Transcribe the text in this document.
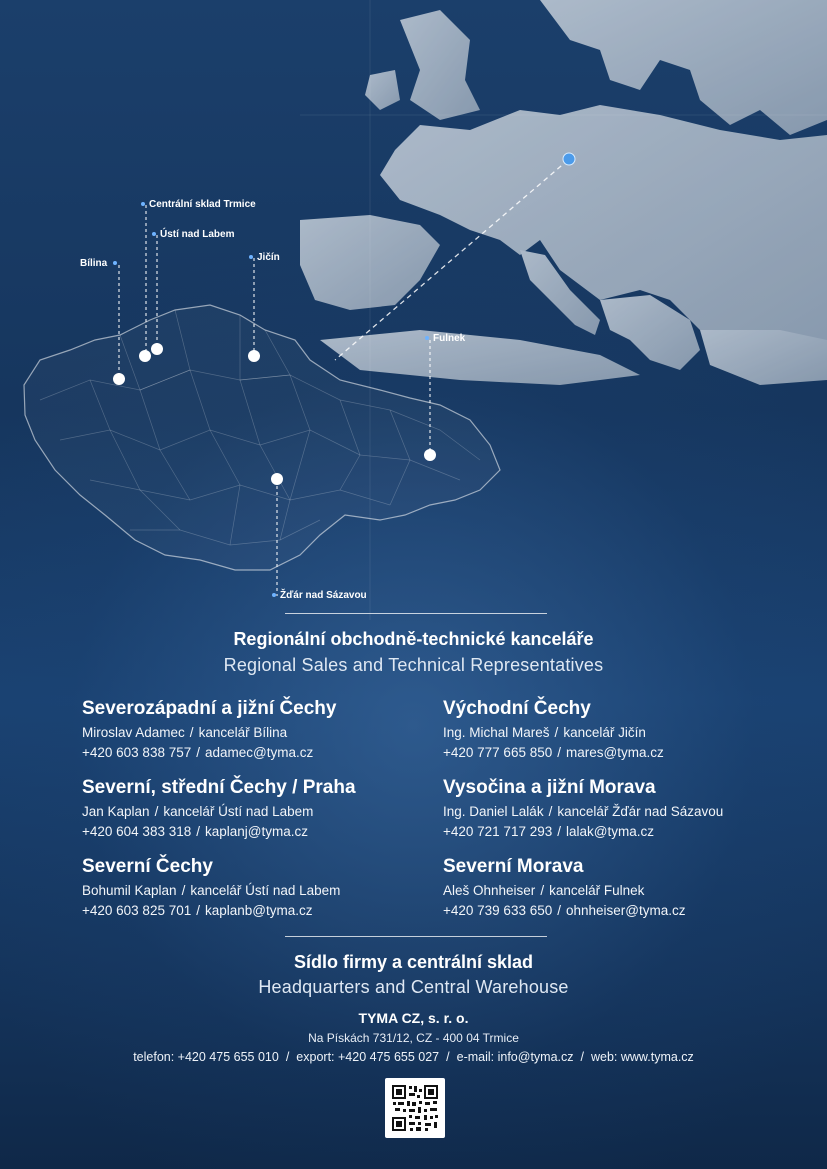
Centrální sklad Trmice
Ústí nad Labem
Bílina
Jičín
Fulnek
Žďár nad Sázavou
Regionální obchodně-technické kanceláře
Regional Sales and Technical Representatives
Severozápadní a jižní Čechy
Miroslav Adamec / kancelář Bílina
+420 603 838 757 / adamec@tyma.cz
Východní Čechy
Ing. Michal Mareš / kancelář Jičín
+420 777 665 850 / mares@tyma.cz
Severní, střední Čechy / Praha
Jan Kaplan / kancelář Ústí nad Labem
+420 604 383 318 / kaplanj@tyma.cz
Vysočina a jižní Morava
Ing. Daniel Lalák / kancelář Žďár nad Sázavou
+420 721 717 293 / lalak@tyma.cz
Severní Čechy
Bohumil Kaplan / kancelář Ústí nad Labem
+420 603 825 701 / kaplanb@tyma.cz
Severní Morava
Aleš Ohnheiser / kancelář Fulnek
+420 739 633 650 / ohnheiser@tyma.cz
Sídlo firmy a centrální sklad
Headquarters and Central Warehouse
TYMA CZ, s. r. o.
Na Pískách 731/12, CZ - 400 04 Trmice
telefon: +420 475 655 010 / export: +420 475 655 027 / e-mail: info@tyma.cz / web: www.tyma.cz
